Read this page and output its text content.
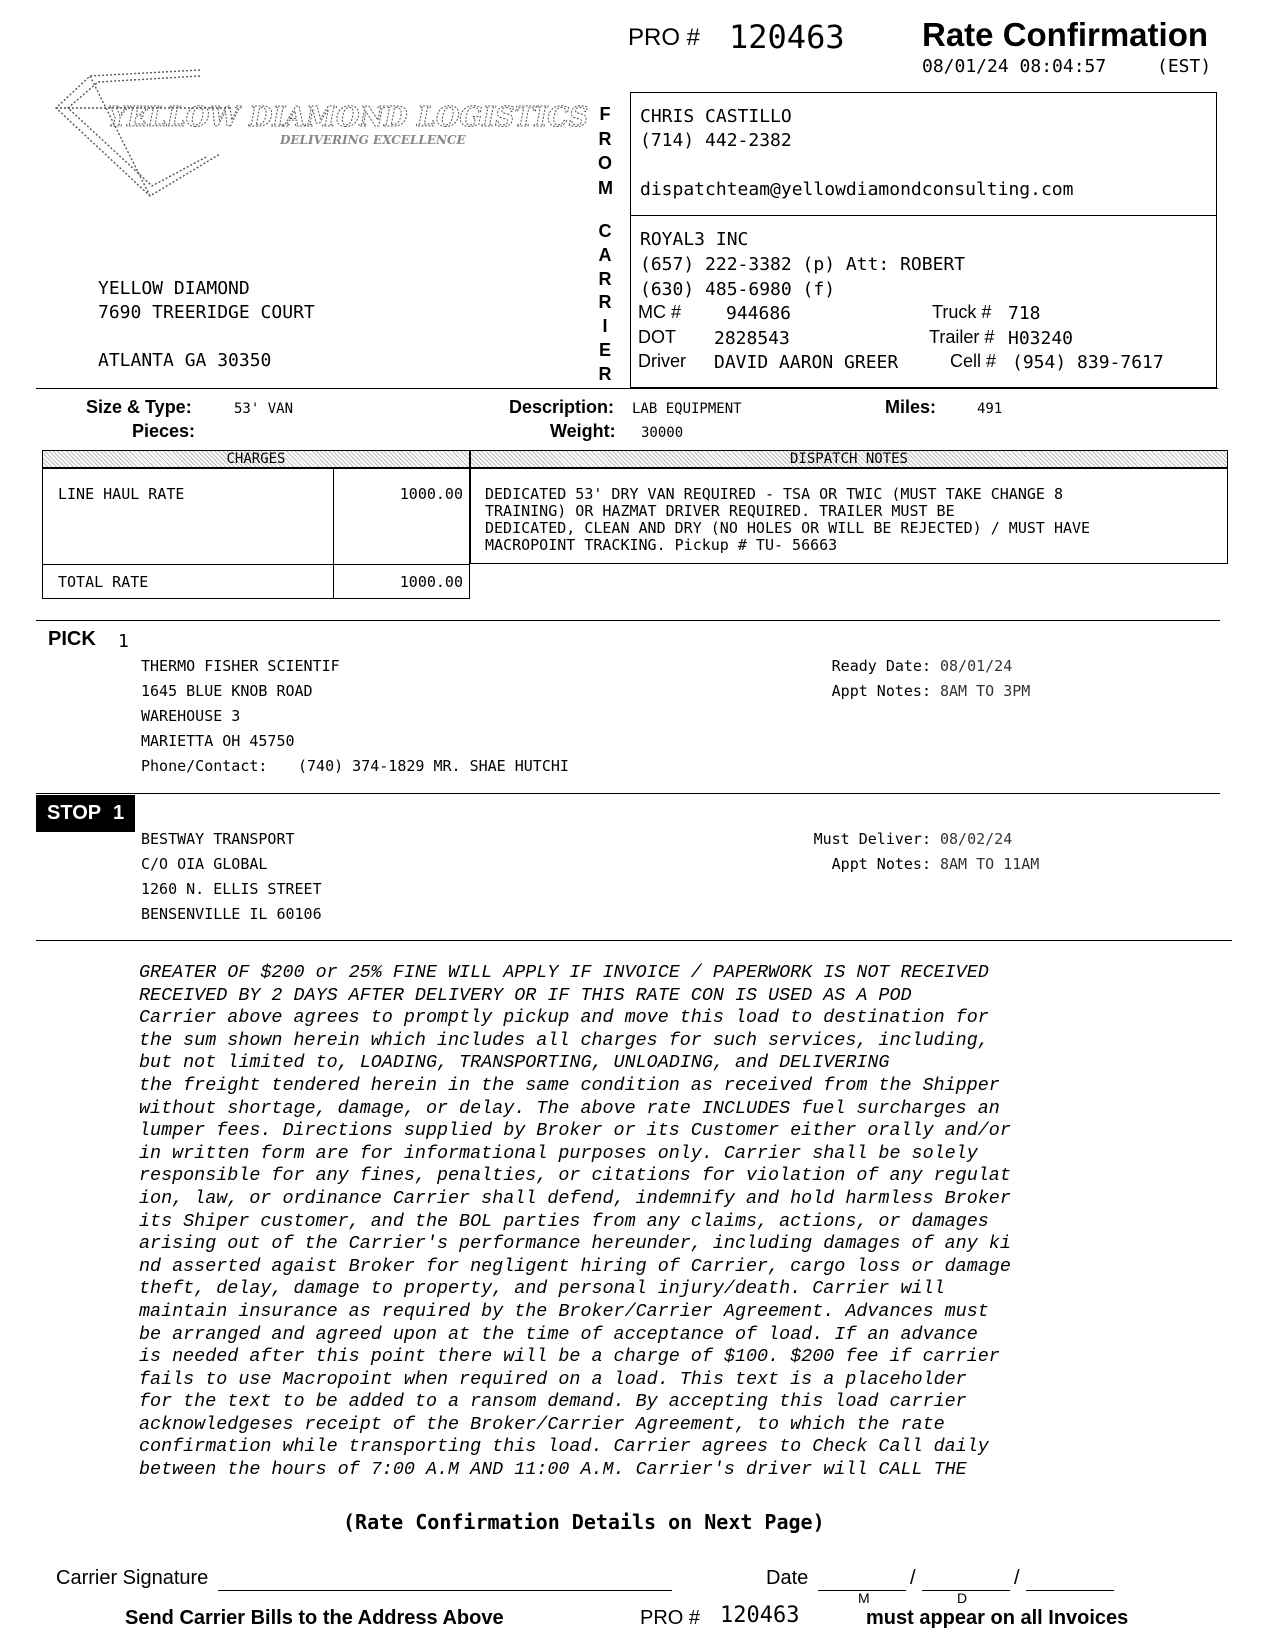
PRO # 120463 Rate Confirmation
08/01/24 08:04:57	(EST)
YELLOW DIAMOND LOGISTICS
DELIVERING EXCELLENCE
YELLOW DIAMOND
7690 TREERIDGE COURT
ATLANTA GA 30350
FROM
CARRIER
CHRIS CASTILLO
(714) 442-2382
dispatchteam@yellowdiamondconsulting.com
ROYAL3 INC
(657) 222-3382 (p) Att: ROBERT
(630) 485-6980 (f)
MC # 944686	Truck # 718
DOT 2828543	Trailer # H03240
Driver DAVID AARON GREER	Cell # (954) 839-7617
Size & Type:	53' VAN
Pieces:
Description: LAB EQUIPMENT
Weight: 30000
Miles:	491
CHARGES
LINE HAUL RATE	1000.00
TOTAL RATE	1000.00
DISPATCH NOTES
DEDICATED 53' DRY VAN REQUIRED - TSA OR TWIC (MUST TAKE CHANGE 8
TRAINING) OR HAZMAT DRIVER REQUIRED. TRAILER MUST BE
DEDICATED, CLEAN AND DRY (NO HOLES OR WILL BE REJECTED) / MUST HAVE
MACROPOINT TRACKING. Pickup # TU- 56663
PICK 1
THERMO FISHER SCIENTIF
1645 BLUE KNOB ROAD
WAREHOUSE 3
MARIETTA OH 45750
Phone/Contact: (740) 374-1829 MR. SHAE HUTCHI
Ready Date: 08/01/24
Appt Notes: 8AM TO 3PM
STOP 1
BESTWAY TRANSPORT
C/O OIA GLOBAL
1260 N. ELLIS STREET
BENSENVILLE IL 60106
Must Deliver: 08/02/24
Appt Notes: 8AM TO 11AM
GREATER OF $200 or 25% FINE WILL APPLY IF INVOICE / PAPERWORK IS NOT RECEIVED
RECEIVED BY 2 DAYS AFTER DELIVERY OR IF THIS RATE CON IS USED AS A POD
Carrier above agrees to promptly pickup and move this load to destination for
the sum shown herein which includes all charges for such services, including,
but not limited to, LOADING, TRANSPORTING, UNLOADING, and DELIVERING
the freight tendered herein in the same condition as received from the Shipper
without shortage, damage, or delay. The above rate INCLUDES fuel surcharges an
lumper fees. Directions supplied by Broker or its Customer either orally and/or
in written form are for informational purposes only. Carrier shall be solely
responsible for any fines, penalties, or citations for violation of any regulat
ion, law, or ordinance Carrier shall defend, indemnify and hold harmless Broker
its Shiper customer, and the BOL parties from any claims, actions, or damages
arising out of the Carrier's performance hereunder, including damages of any ki
nd asserted agaist Broker for negligent hiring of Carrier, cargo loss or damage
theft, delay, damage to property, and personal injury/death. Carrier will
maintain insurance as required by the Broker/Carrier Agreement. Advances must
be arranged and agreed upon at the time of acceptance of load. If an advance
is needed after this point there will be a charge of $100. $200 fee if carrier
fails to use Macropoint when required on a load. This text is a placeholder
for the text to be added to a ransom demand. By accepting this load carrier
acknowledgeses receipt of the Broker/Carrier Agreement, to which the rate
confirmation while transporting this load. Carrier agrees to Check Call daily
between the hours of 7:00 A.M AND 11:00 A.M. Carrier's driver will CALL THE
(Rate Confirmation Details on Next Page)
Carrier Signature	Date	/	/
M	D
Send Carrier Bills to the Address Above	PRO # 120463	must appear on all Invoices
